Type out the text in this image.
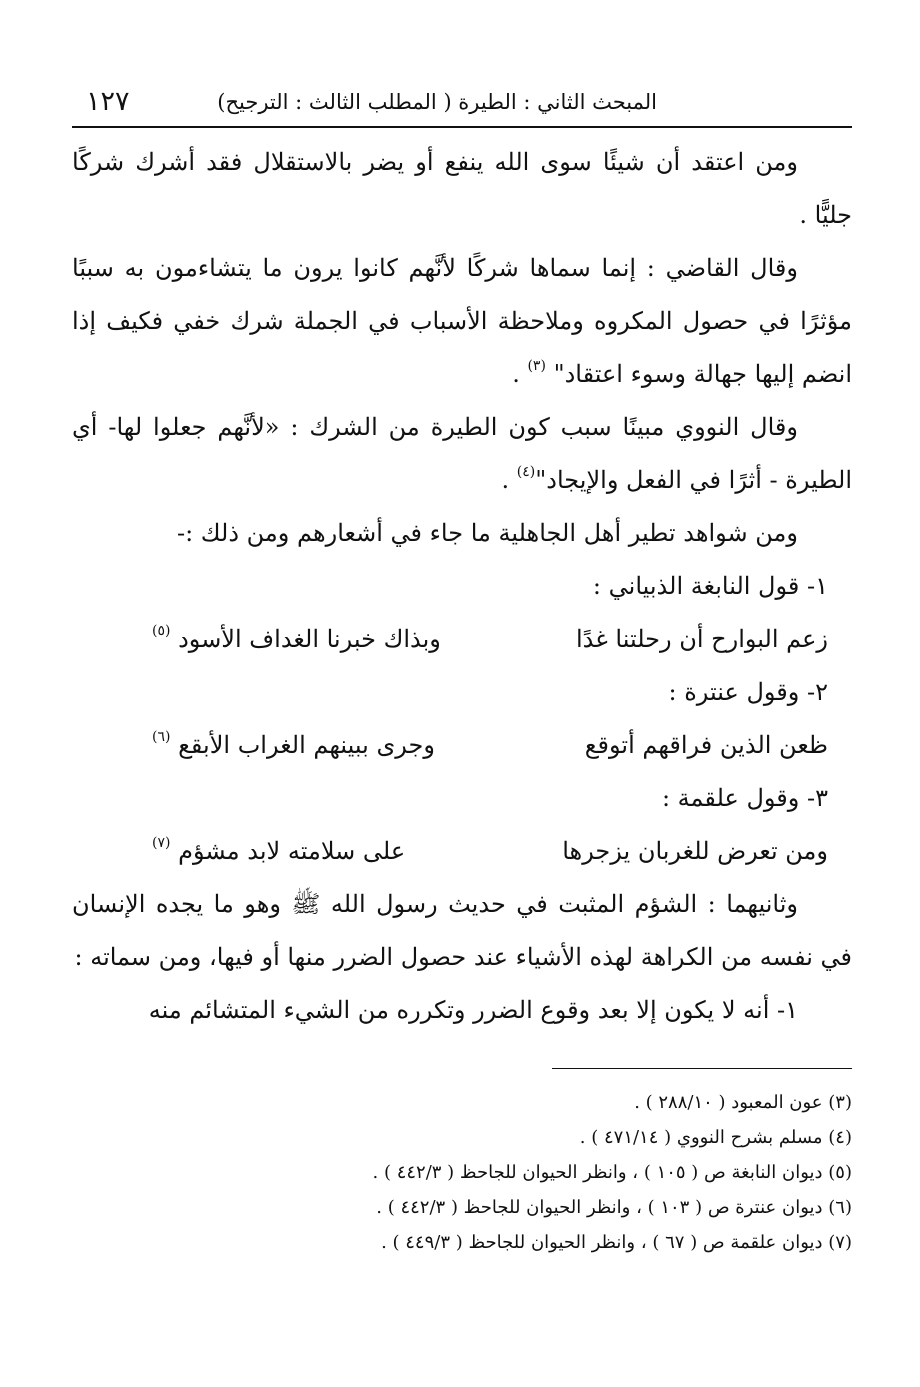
المبحث الثاني : الطيرة ( المطلب الثالث : الترجيح)
١٢٧

ومن اعتقد أن شيئًا سوى الله ينفع أو يضر بالاستقلال فقد أشرك شركًا جليًّا .

وقال القاضي : إنما سماها شركًا لأنَّهم كانوا يرون ما يتشاءمون به سببًا مؤثرًا في حصول المكروه وملاحظة الأسباب في الجملة شرك خفي فكيف إذا انضم إليها جهالة وسوء اعتقاد" $^{(٣)}$ .

وقال النووي مبينًا سبب كون الطيرة من الشرك : «لأنَّهم جعلوا لها- أي الطيرة - أثرًا في الفعل والإيجاد"$^{(٤)}$ .

ومن شواهد تطير أهل الجاهلية ما جاء في أشعارهم ومن ذلك :-

١- قول النابغة الذبياني :

زعم البوارح أن رحلتنا غدًا
وبذاك خبرنا الغداف الأسود $^{(٥)}$

٢- وقول عنترة :

ظعن الذين فراقهم أتوقع
وجرى ببينهم الغراب الأبقع $^{(٦)}$

٣- وقول علقمة :

ومن تعرض للغربان يزجرها
على سلامته لابد مشؤم $^{(٧)}$

وثانيهما : الشؤم المثبت في حديث رسول الله ﷺ وهو ما يجده الإنسان في نفسه من الكراهة لهذه الأشياء عند حصول الضرر منها أو فيها، ومن سماته :

١- أنه لا يكون إلا بعد وقوع الضرر وتكرره من الشيء المتشائم منه

(٣) عون المعبود ( ٢٨٨/١٠ ) .

(٤) مسلم بشرح النووي ( ٤٧١/١٤ ) .

(٥) ديوان النابغة ص ( ١٠٥ ) ، وانظر الحيوان للجاحظ ( ٤٤٢/٣ ) .

(٦) ديوان عنترة ص ( ١٠٣ ) ، وانظر الحيوان للجاحظ ( ٤٤٢/٣ ) .

(٧) ديوان علقمة ص ( ٦٧ ) ، وانظر الحيوان للجاحظ ( ٤٤٩/٣ ) .
